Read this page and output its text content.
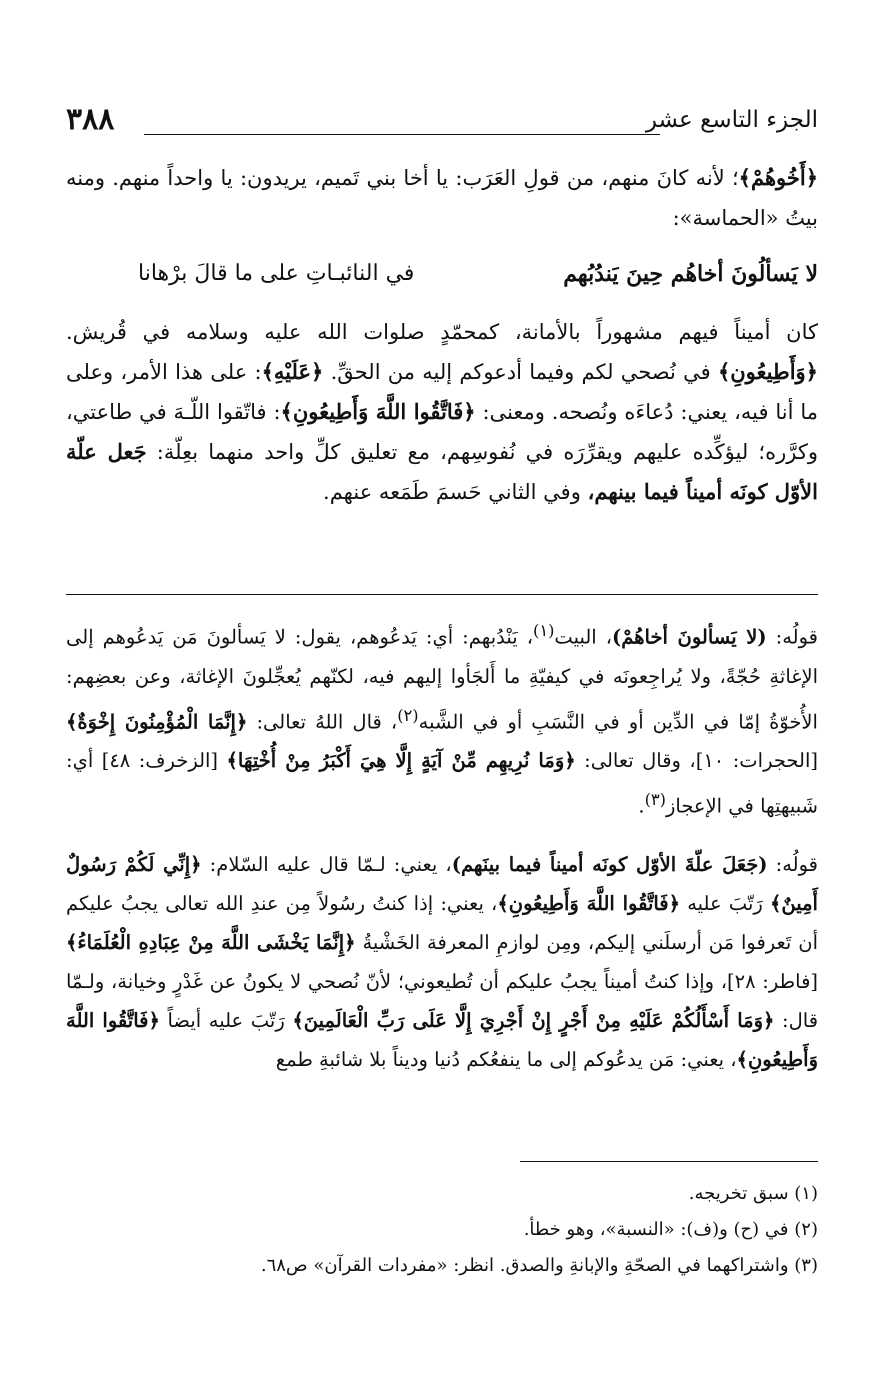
٣٨٨	الجزء التاسع عشر

﴿أَخُوهُمْ﴾؛ لأنه كانَ منهم، من قولِ العَرَب: يا أخا بني تَميم، يريدون: يا واحداً منهم. ومنه بيتُ «الحماسة»:

لا يَسألُونَ أخاهُم حِينَ يَندُبُهم
في النائبـاتِ على ما قالَ برْهانا

كان أميناً فيهم مشهوراً بالأمانة، كمحمّدٍ صلوات الله عليه وسلامه في قُريش. ﴿وَأَطِيعُونِ﴾ في نُصحي لكم وفيما أدعوكم إليه من الحقِّ. ﴿عَلَيْهِ﴾: على هذا الأمر، وعلى ما أنا فيه، يعني: دُعاءَه ونُصحه. ومعنى: ﴿فَاتَّقُوا اللَّهَ وَأَطِيعُونِ﴾: فاتّقوا اللّـهَ في طاعتي، وكرَّره؛ ليؤكِّده عليهم ويقرِّرَه في نُفوسِهم، مع تعليق كلِّ واحد منهما بعِلّة: جَعل علّة الأوّل كونَه أميناً فيما بينهم، وفي الثاني حَسمَ طَمَعه عنهم.

قولُه: (لا يَسألونَ أخاهُمْ)، البيت$^{(١)}$، يَنْدُبهم: أي: يَدعُوهم، يقول: لا يَسألونَ مَن يَدعُوهم إلى الإغاثةِ حُجّةً، ولا يُراجِعونَه في كيفيّةِ ما أَلجَأوا إليهم فيه، لكنّهم يُعجِّلونَ الإغاثة، وعن بعضِهم: الأُخوّةُ إمّا في الدِّين أو في النَّسَبِ أو في الشَّبه$^{(٢)}$، قال اللهُ تعالى: ﴿إِنَّمَا الْمُؤْمِنُونَ إِخْوَةٌ﴾ [الحجرات: ١٠]، وقال تعالى: ﴿وَمَا نُرِيهِم مِّنْ آيَةٍ إِلَّا هِيَ أَكْبَرُ مِنْ أُخْتِهَا﴾ [الزخرف: ٤٨] أي: شَبيهتِها في الإعجاز$^{(٣)}$.

قولُه: (جَعَلَ علّةَ الأوّل كونَه أميناً فيما بينَهم)، يعني: لـمّا قال عليه السّلام: ﴿إِنِّي لَكُمْ رَسُولٌ أَمِينٌ﴾ رَتّبَ عليه ﴿فَاتَّقُوا اللَّهَ وَأَطِيعُونِ﴾، يعني: إذا كنتُ رسُولاً مِن عندِ الله تعالى يجبُ عليكم أن تَعرفوا مَن أرسلَني إليكم، ومِن لوازمِ المعرفة الخَشْيةُ ﴿إِنَّمَا يَخْشَى اللَّهَ مِنْ عِبَادِهِ الْعُلَمَاءُ﴾ [فاطر: ٢٨]، وإذا كنتُ أميناً يجبُ عليكم أن تُطيعوني؛ لأنّ نُصحي لا يكونُ عن غَدْرٍ وخيانة، ولـمّا قال: ﴿وَمَا أَسْأَلُكُمْ عَلَيْهِ مِنْ أَجْرٍ إِنْ أَجْرِيَ إِلَّا عَلَى رَبِّ الْعَالَمِينَ﴾ رَتّبَ عليه أيضاً ﴿فَاتَّقُوا اللَّهَ وَأَطِيعُونِ﴾، يعني: مَن يدعُوكم إلى ما ينفعُكم دُنيا وديناً بلا شائبةِ طمع

(١) سبق تخريجه.

(٢) في (ح) و(ف): «النسبة»، وهو خطأ.

(٣) واشتراكهما في الصحّةِ والإبانةِ والصدق. انظر: «مفردات القرآن» ص٦٨.
